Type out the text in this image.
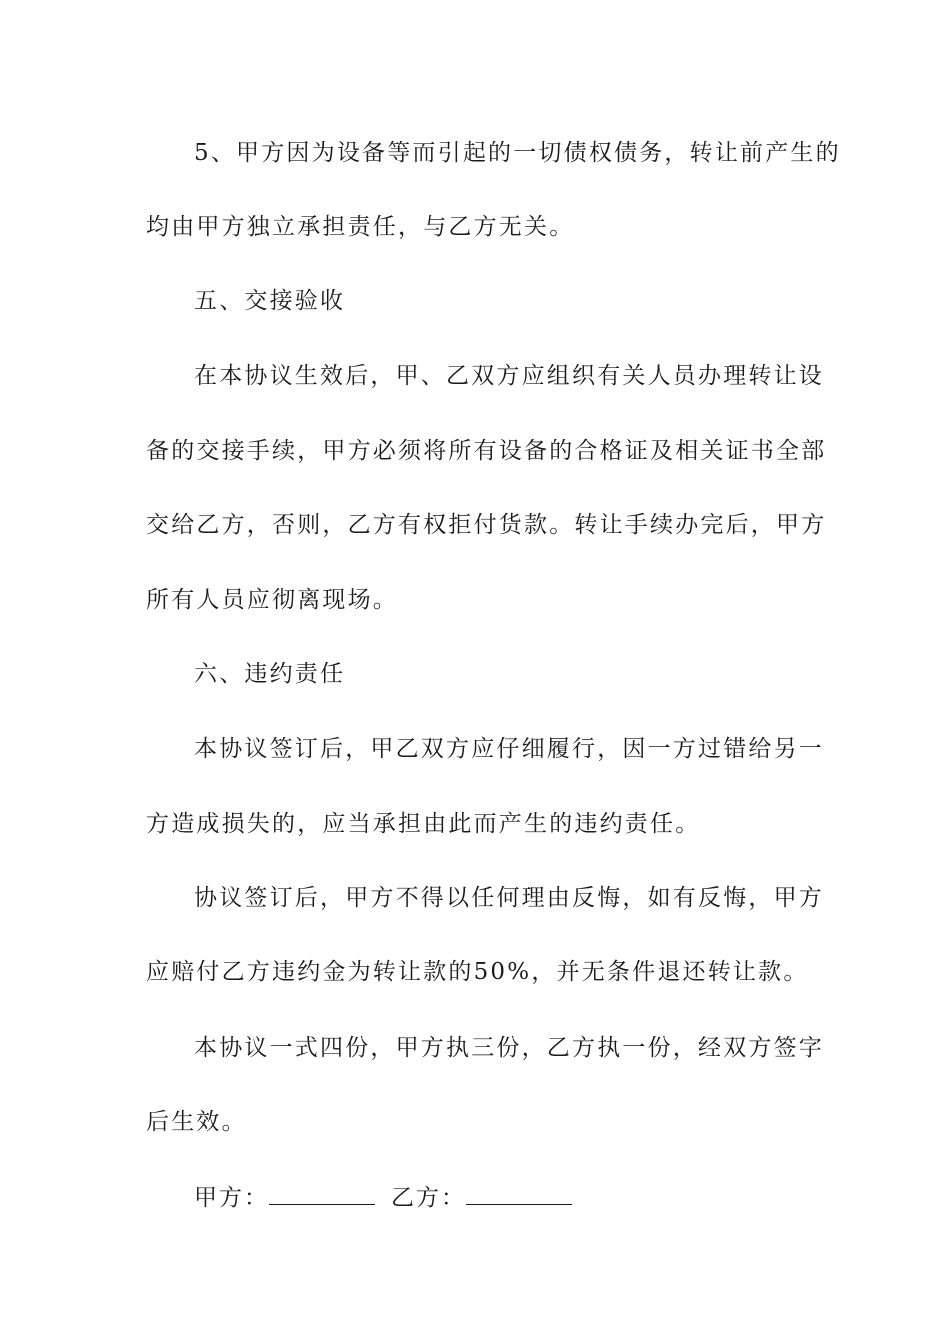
5、甲方因为设备等而引起的一切债权债务，转让前产生的
均由甲方独立承担责任，与乙方无关。
五、交接验收
在本协议生效后，甲、乙双方应组织有关人员办理转让设
备的交接手续，甲方必须将所有设备的合格证及相关证书全部
交给乙方，否则，乙方有权拒付货款。转让手续办完后，甲方
所有人员应彻离现场。
六、违约责任
本协议签订后，甲乙双方应仔细履行，因一方过错给另一
方造成损失的，应当承担由此而产生的违约责任。
协议签订后，甲方不得以任何理由反悔，如有反悔，甲方
应赔付乙方违约金为转让款的50%，并无条件退还转让款。
本协议一式四份，甲方执三份，乙方执一份，经双方签字
后生效。
甲方：	乙方：
